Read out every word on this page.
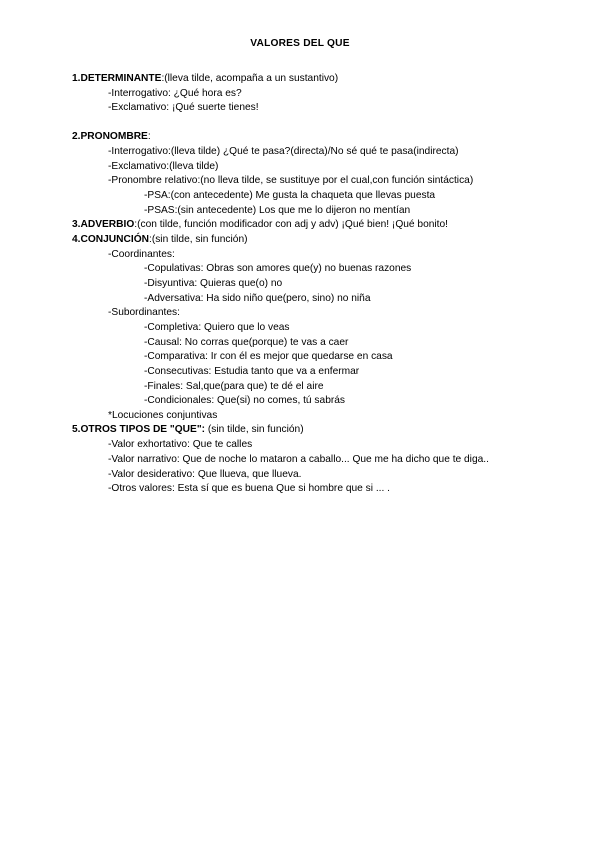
VALORES DEL QUE
1.DETERMINANTE:(lleva tilde, acompaña a un sustantivo)
-Interrogativo: ¿Qué hora es?
-Exclamativo: ¡Qué suerte tienes!
2.PRONOMBRE:
-Interrogativo:(lleva tilde) ¿Qué te pasa?(directa)/No sé qué te pasa(indirecta)
-Exclamativo:(lleva tilde)
-Pronombre relativo:(no lleva tilde, se sustituye por el cual,con función sintáctica)
-PSA:(con antecedente) Me gusta la chaqueta que llevas puesta
-PSAS:(sin antecedente) Los que me lo dijeron no mentían
3.ADVERBIO:(con tilde, función modificador con adj y adv) ¡Qué bien! ¡Qué bonito!
4.CONJUNCIÓN:(sin tilde, sin función)
-Coordinantes:
-Copulativas: Obras son amores que(y) no buenas razones
-Disyuntiva: Quieras que(o) no
-Adversativa: Ha sido niño que(pero, sino) no niña
-Subordinantes:
-Completiva: Quiero que lo veas
-Causal: No corras que(porque) te vas a caer
-Comparativa: Ir con él es mejor que quedarse en casa
-Consecutivas: Estudia tanto que va a enfermar
-Finales: Sal,que(para que) te dé el aire
-Condicionales: Que(si) no comes, tú sabrás
*Locuciones conjuntivas
5.OTROS TIPOS DE "QUE": (sin tilde, sin función)
-Valor exhortativo: Que te calles
-Valor narrativo: Que de noche lo mataron a caballo... Que me ha dicho que te diga..
-Valor desiderativo: Que llueva, que llueva.
-Otros valores: Esta sí que es buena Que si hombre que si ... .
